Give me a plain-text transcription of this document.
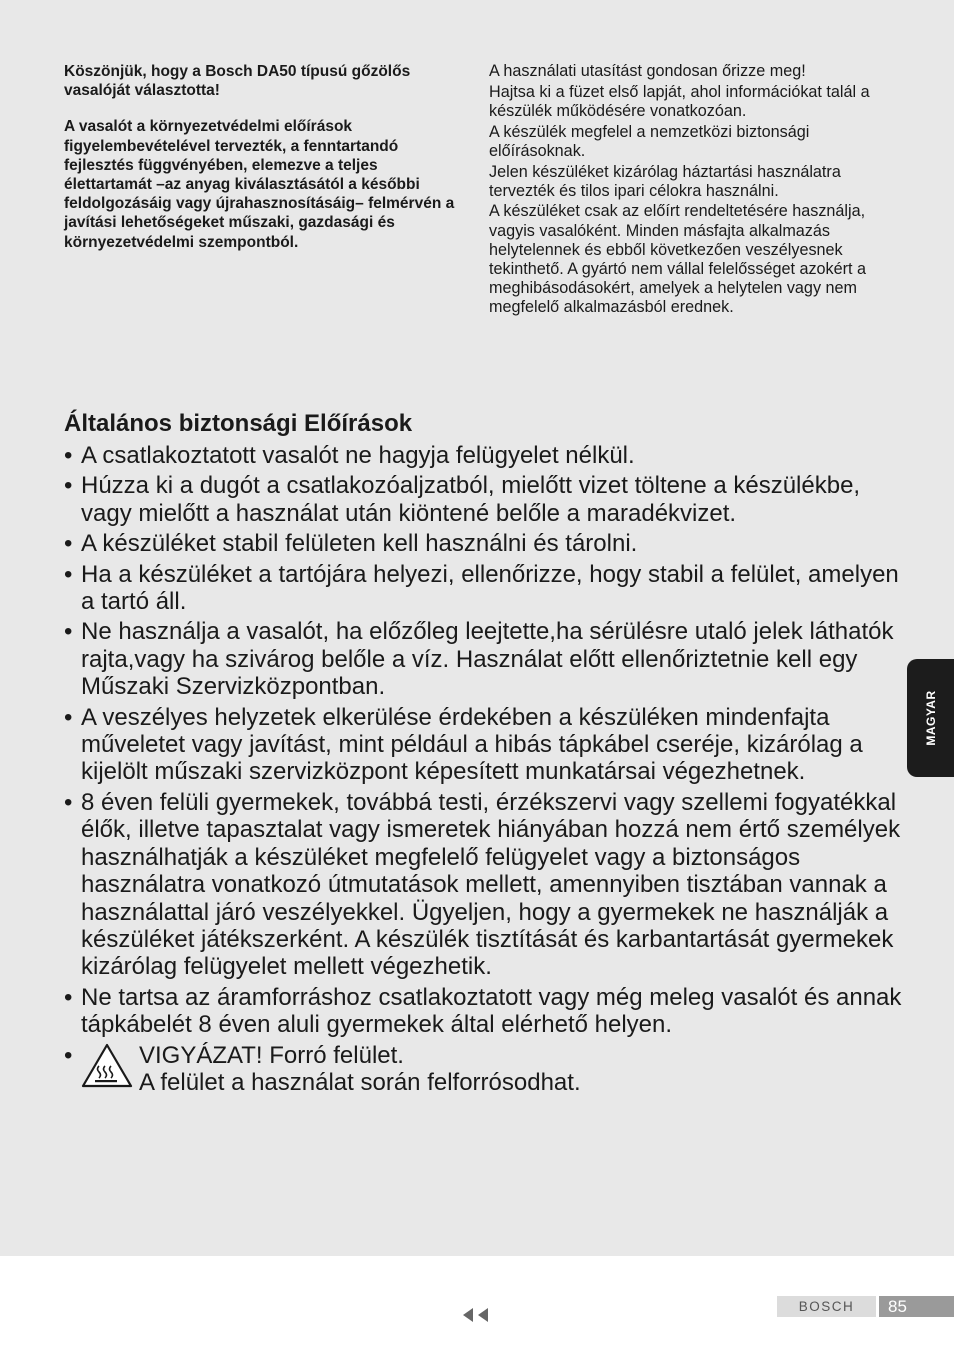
Köszönjük, hogy a Bosch DA50 típusú gőzölős vasalóját választotta!

A vasalót a környezetvédelmi előírások figyelembevételével tervezték, a fenntartandó fejlesztés függvényében, elemezve a teljes élettartamát –az anyag kiválasztásától a későbbi feldolgozásáig vagy újrahasznosításáig– felmérvén a javítási lehetőségeket műszaki, gazdasági és környezetvédelmi szempontból.

A használati utasítást gondosan őrizze meg!

Hajtsa ki a füzet első lapját, ahol információkat talál a készülék működésére vonatkozóan.

A készülék megfelel a nemzetközi biztonsági előírásoknak.

Jelen készüléket kizárólag háztartási használatra tervezték és tilos ipari célokra használni.

A készüléket csak az előírt rendeltetésére használja, vagyis vasalóként. Minden másfajta alkalmazás helytelennek és ebből következően veszélyesnek tekinthető. A gyártó nem vállal felelősséget azokért a meghibásodásokért, amelyek a helytelen vagy nem megfelelő alkalmazásból erednek.

Általános biztonsági Előírások
• A csatlakoztatott vasalót ne hagyja felügyelet nélkül.
• Húzza ki a dugót a csatlakozóaljzatból, mielőtt vizet töltene a készülékbe, vagy mielőtt a használat után kiöntené belőle a maradékvizet.
• A készüléket stabil felületen kell használni és tárolni.
• Ha a készüléket a tartójára helyezi, ellenőrizze, hogy stabil a felület, amelyen a tartó áll.
• Ne használja a vasalót, ha előzőleg leejtette,ha sérülésre utaló jelek láthatók rajta,vagy ha szivárog belőle a víz. Használat előtt ellenőriztetnie kell egy Műszaki Szervizközpontban.
• A veszélyes helyzetek elkerülése érdekében a készüléken mindenfajta műveletet vagy javítást, mint például a hibás tápkábel cseréje, kizárólag a kijelölt műszaki szervizközpont képesített munkatársai végezhetnek.
• 8 éven felüli gyermekek, továbbá testi, érzékszervi vagy szellemi fogyatékkal élők, illetve tapasztalat vagy ismeretek hiányában hozzá nem értő személyek használhatják a készüléket megfelelő felügyelet vagy a biztonságos használatra vonatkozó útmutatások mellett, amennyiben tisztában vannak a használattal járó veszélyekkel. Ügyeljen, hogy a gyermekek ne használják a készüléket játékszerként. A készülék tisztítását és karbantartását gyermekek kizárólag felügyelet mellett végezhetik.
• Ne tartsa az áramforráshoz csatlakoztatott vagy még meleg vasalót és annak tápkábelét 8 éven aluli gyermekek által elérhető helyen.
•	VIGYÁZAT! Forró felület.
A felület a használat során felforrósodhat.
MAGYAR
BOSCH	85
